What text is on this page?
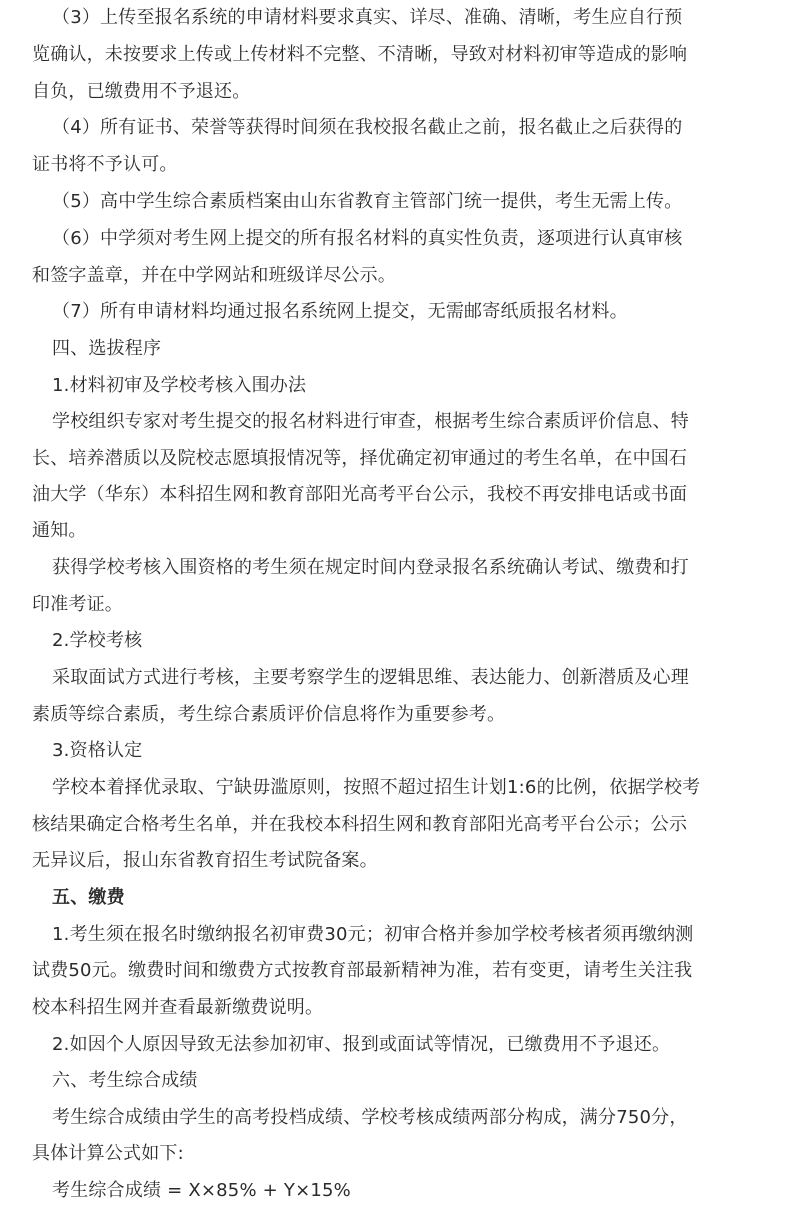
（3）上传至报名系统的申请材料要求真实、详尽、准确、清晰，考生应自行预
览确认，未按要求上传或上传材料不完整、不清晰，导致对材料初审等造成的影响
自负，已缴费用不予退还。
（4）所有证书、荣誉等获得时间须在我校报名截止之前，报名截止之后获得的
证书将不予认可。
（5）高中学生综合素质档案由山东省教育主管部门统一提供，考生无需上传。
（6）中学须对考生网上提交的所有报名材料的真实性负责，逐项进行认真审核
和签字盖章，并在中学网站和班级详尽公示。
（7）所有申请材料均通过报名系统网上提交，无需邮寄纸质报名材料。
四、选拔程序
1.材料初审及学校考核入围办法
学校组织专家对考生提交的报名材料进行审查，根据考生综合素质评价信息、特
长、培养潜质以及院校志愿填报情况等，择优确定初审通过的考生名单，在中国石
油大学（华东）本科招生网和教育部阳光高考平台公示，我校不再安排电话或书面
通知。
获得学校考核入围资格的考生须在规定时间内登录报名系统确认考试、缴费和打
印准考证。
2.学校考核
采取面试方式进行考核，主要考察学生的逻辑思维、表达能力、创新潜质及心理
素质等综合素质，考生综合素质评价信息将作为重要参考。
3.资格认定
学校本着择优录取、宁缺毋滥原则，按照不超过招生计划1:6的比例，依据学校考
核结果确定合格考生名单，并在我校本科招生网和教育部阳光高考平台公示；公示
无异议后，报山东省教育招生考试院备案。
五、缴费
1.考生须在报名时缴纳报名初审费30元；初审合格并参加学校考核者须再缴纳测
试费50元。缴费时间和缴费方式按教育部最新精神为准，若有变更，请考生关注我
校本科招生网并查看最新缴费说明。
2.如因个人原因导致无法参加初审、报到或面试等情况，已缴费用不予退还。
六、考生综合成绩
考生综合成绩由学生的高考投档成绩、学校考核成绩两部分构成，满分750分，
具体计算公式如下:
考生综合成绩 = X×85% + Y×15%
